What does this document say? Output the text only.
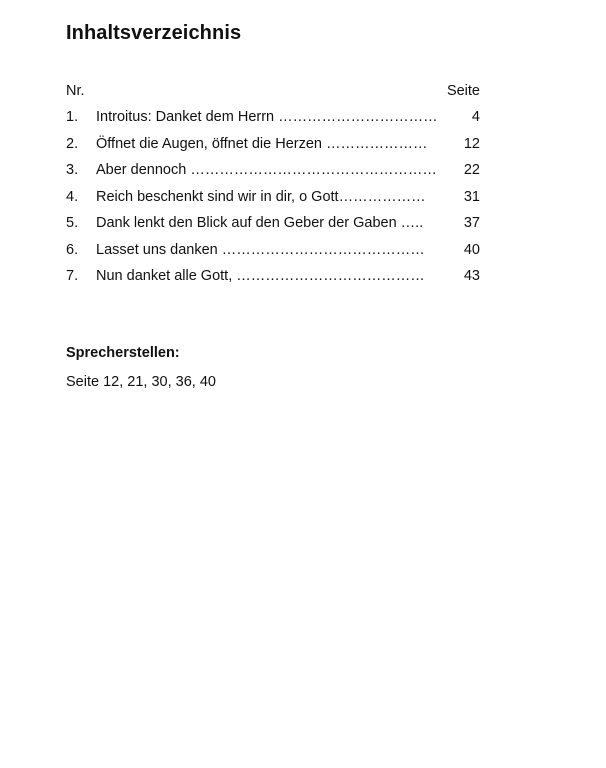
Inhaltsverzeichnis
Nr.	Seite
1.	Introitus: Danket dem Herrn ……………………………	4
2.	Öffnet die Augen, öffnet die Herzen …………………	12
3.	Aber dennoch ……………………………………………	22
4.	Reich beschenkt sind wir in dir, o Gott………………	31
5.	Dank lenkt den Blick auf den Geber der Gaben …..	37
6.	Lasset uns danken ……………………………………	40
7.	Nun danket alle Gott, …………………………………	43
Sprecherstellen:
Seite 12, 21, 30, 36, 40
